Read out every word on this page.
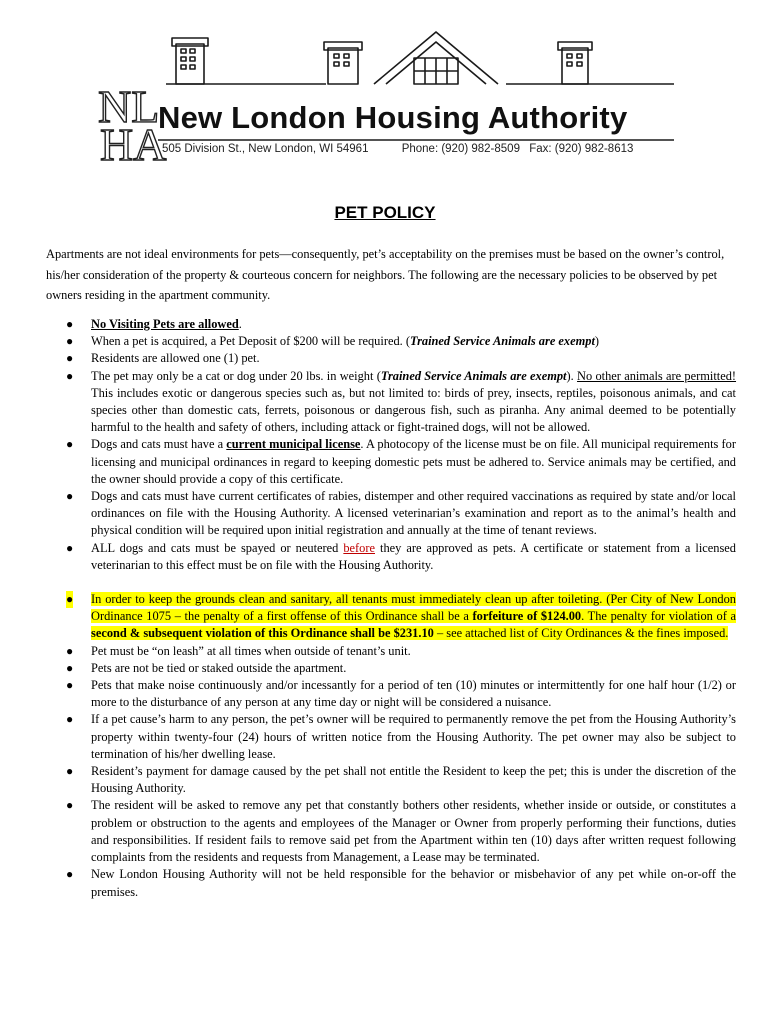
NL
HA

New London Housing Authority

505 Division St., New London, WI 54961	Phone: (920) 982-8509 Fax: (920) 982-8613
PET POLICY

Apartments are not ideal environments for pets—consequently, pet’s acceptability on the premises must be based on the owner’s control, his/her consideration of the property & courteous concern for neighbors. The following are the necessary policies to be observed by pet owners residing in the apartment community.

● No Visiting Pets are allowed.
● When a pet is acquired, a Pet Deposit of $200 will be required. (Trained Service Animals are exempt)
● Residents are allowed one (1) pet.
● The pet may only be a cat or dog under 20 lbs. in weight (Trained Service Animals are exempt). No other animals are permitted! This includes exotic or dangerous species such as, but not limited to: birds of prey, insects, reptiles, poisonous animals, and cat species other than domestic cats, ferrets, poisonous or dangerous fish, such as piranha. Any animal deemed to be potentially harmful to the health and safety of others, including attack or fight-trained dogs, will not be allowed.
● Dogs and cats must have a current municipal license. A photocopy of the license must be on file. All municipal requirements for licensing and municipal ordinances in regard to keeping domestic pets must be adhered to. Service animals may be certified, and the owner should provide a copy of this certificate.
● Dogs and cats must have current certificates of rabies, distemper and other required vaccinations as required by state and/or local ordinances on file with the Housing Authority. A licensed veterinarian’s examination and report as to the animal’s health and physical condition will be required upon initial registration and annually at the time of tenant reviews.
● ALL dogs and cats must be spayed or neutered before they are approved as pets. A certificate or statement from a licensed veterinarian to this effect must be on file with the Housing Authority.
● In order to keep the grounds clean and sanitary, all tenants must immediately clean up after toileting. (Per City of New London Ordinance 1075 – the penalty of a first offense of this Ordinance shall be a forfeiture of $124.00. The penalty for violation of a second & subsequent violation of this Ordinance shall be $231.10 – see attached list of City Ordinances & the fines imposed.
● Pet must be “on leash” at all times when outside of tenant’s unit.
● Pets are not be tied or staked outside the apartment.
● Pets that make noise continuously and/or incessantly for a period of ten (10) minutes or intermittently for one half hour (1/2) or more to the disturbance of any person at any time day or night will be considered a nuisance.
● If a pet cause’s harm to any person, the pet’s owner will be required to permanently remove the pet from the Housing Authority’s property within twenty-four (24) hours of written notice from the Housing Authority. The pet owner may also be subject to termination of his/her dwelling lease.
● Resident’s payment for damage caused by the pet shall not entitle the Resident to keep the pet; this is under the discretion of the Housing Authority.
● The resident will be asked to remove any pet that constantly bothers other residents, whether inside or outside, or constitutes a problem or obstruction to the agents and employees of the Manager or Owner from properly performing their functions, duties and responsibilities. If resident fails to remove said pet from the Apartment within ten (10) days after written request following complaints from the residents and requests from Management, a Lease may be terminated.
● New London Housing Authority will not be held responsible for the behavior or misbehavior of any pet while on-or-off the premises.
